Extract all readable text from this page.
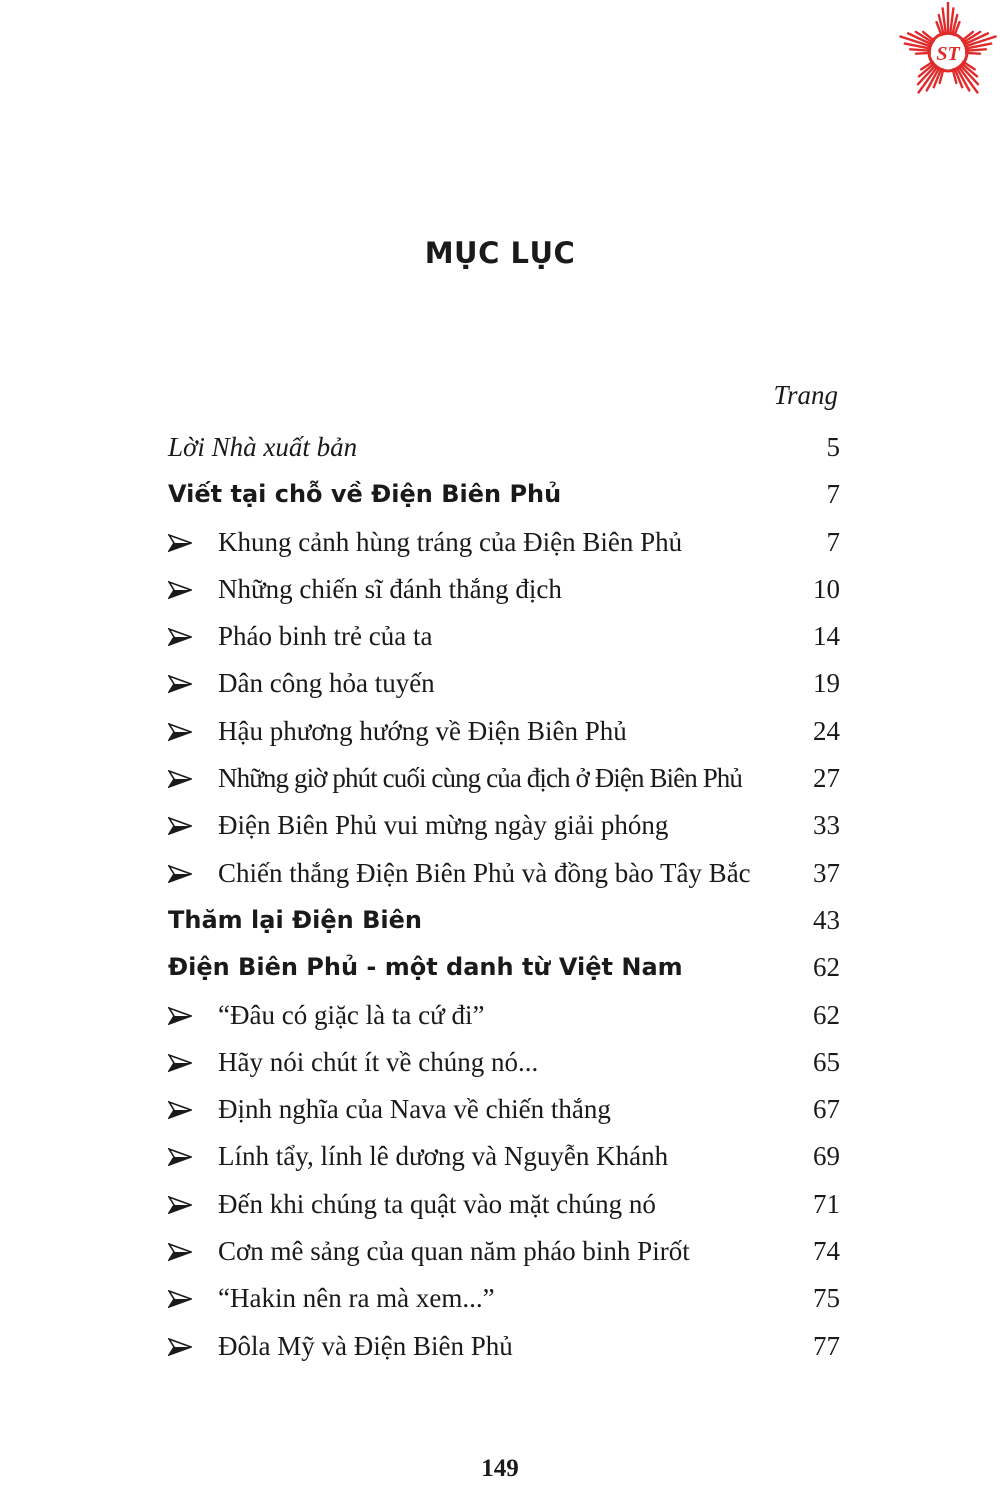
ST
MỤC LỤC
Trang
Lời Nhà xuất bản	5
Viết tại chỗ về Điện Biên Phủ	7
Khung cảnh hùng tráng của Điện Biên Phủ	7
Những chiến sĩ đánh thắng địch	10
Pháo binh trẻ của ta	14
Dân công hỏa tuyến	19
Hậu phương hướng về Điện Biên Phủ	24
Những giờ phút cuối cùng của địch ở Điện Biên Phủ	27
Điện Biên Phủ vui mừng ngày giải phóng	33
Chiến thắng Điện Biên Phủ và đồng bào Tây Bắc 37
Thăm lại Điện Biên	43
Điện Biên Phủ - một danh từ Việt Nam	62
“Đâu có giặc là ta cứ đi”	62
Hãy nói chút ít về chúng nó...	65
Định nghĩa của Nava về chiến thắng	67
Lính tẩy, lính lê dương và Nguyễn Khánh	69
Đến khi chúng ta quật vào mặt chúng nó	71
Cơn mê sảng của quan năm pháo binh Pirốt	74
“Hakin nên ra mà xem...”	75
Đôla Mỹ và Điện Biên Phủ	77
149
